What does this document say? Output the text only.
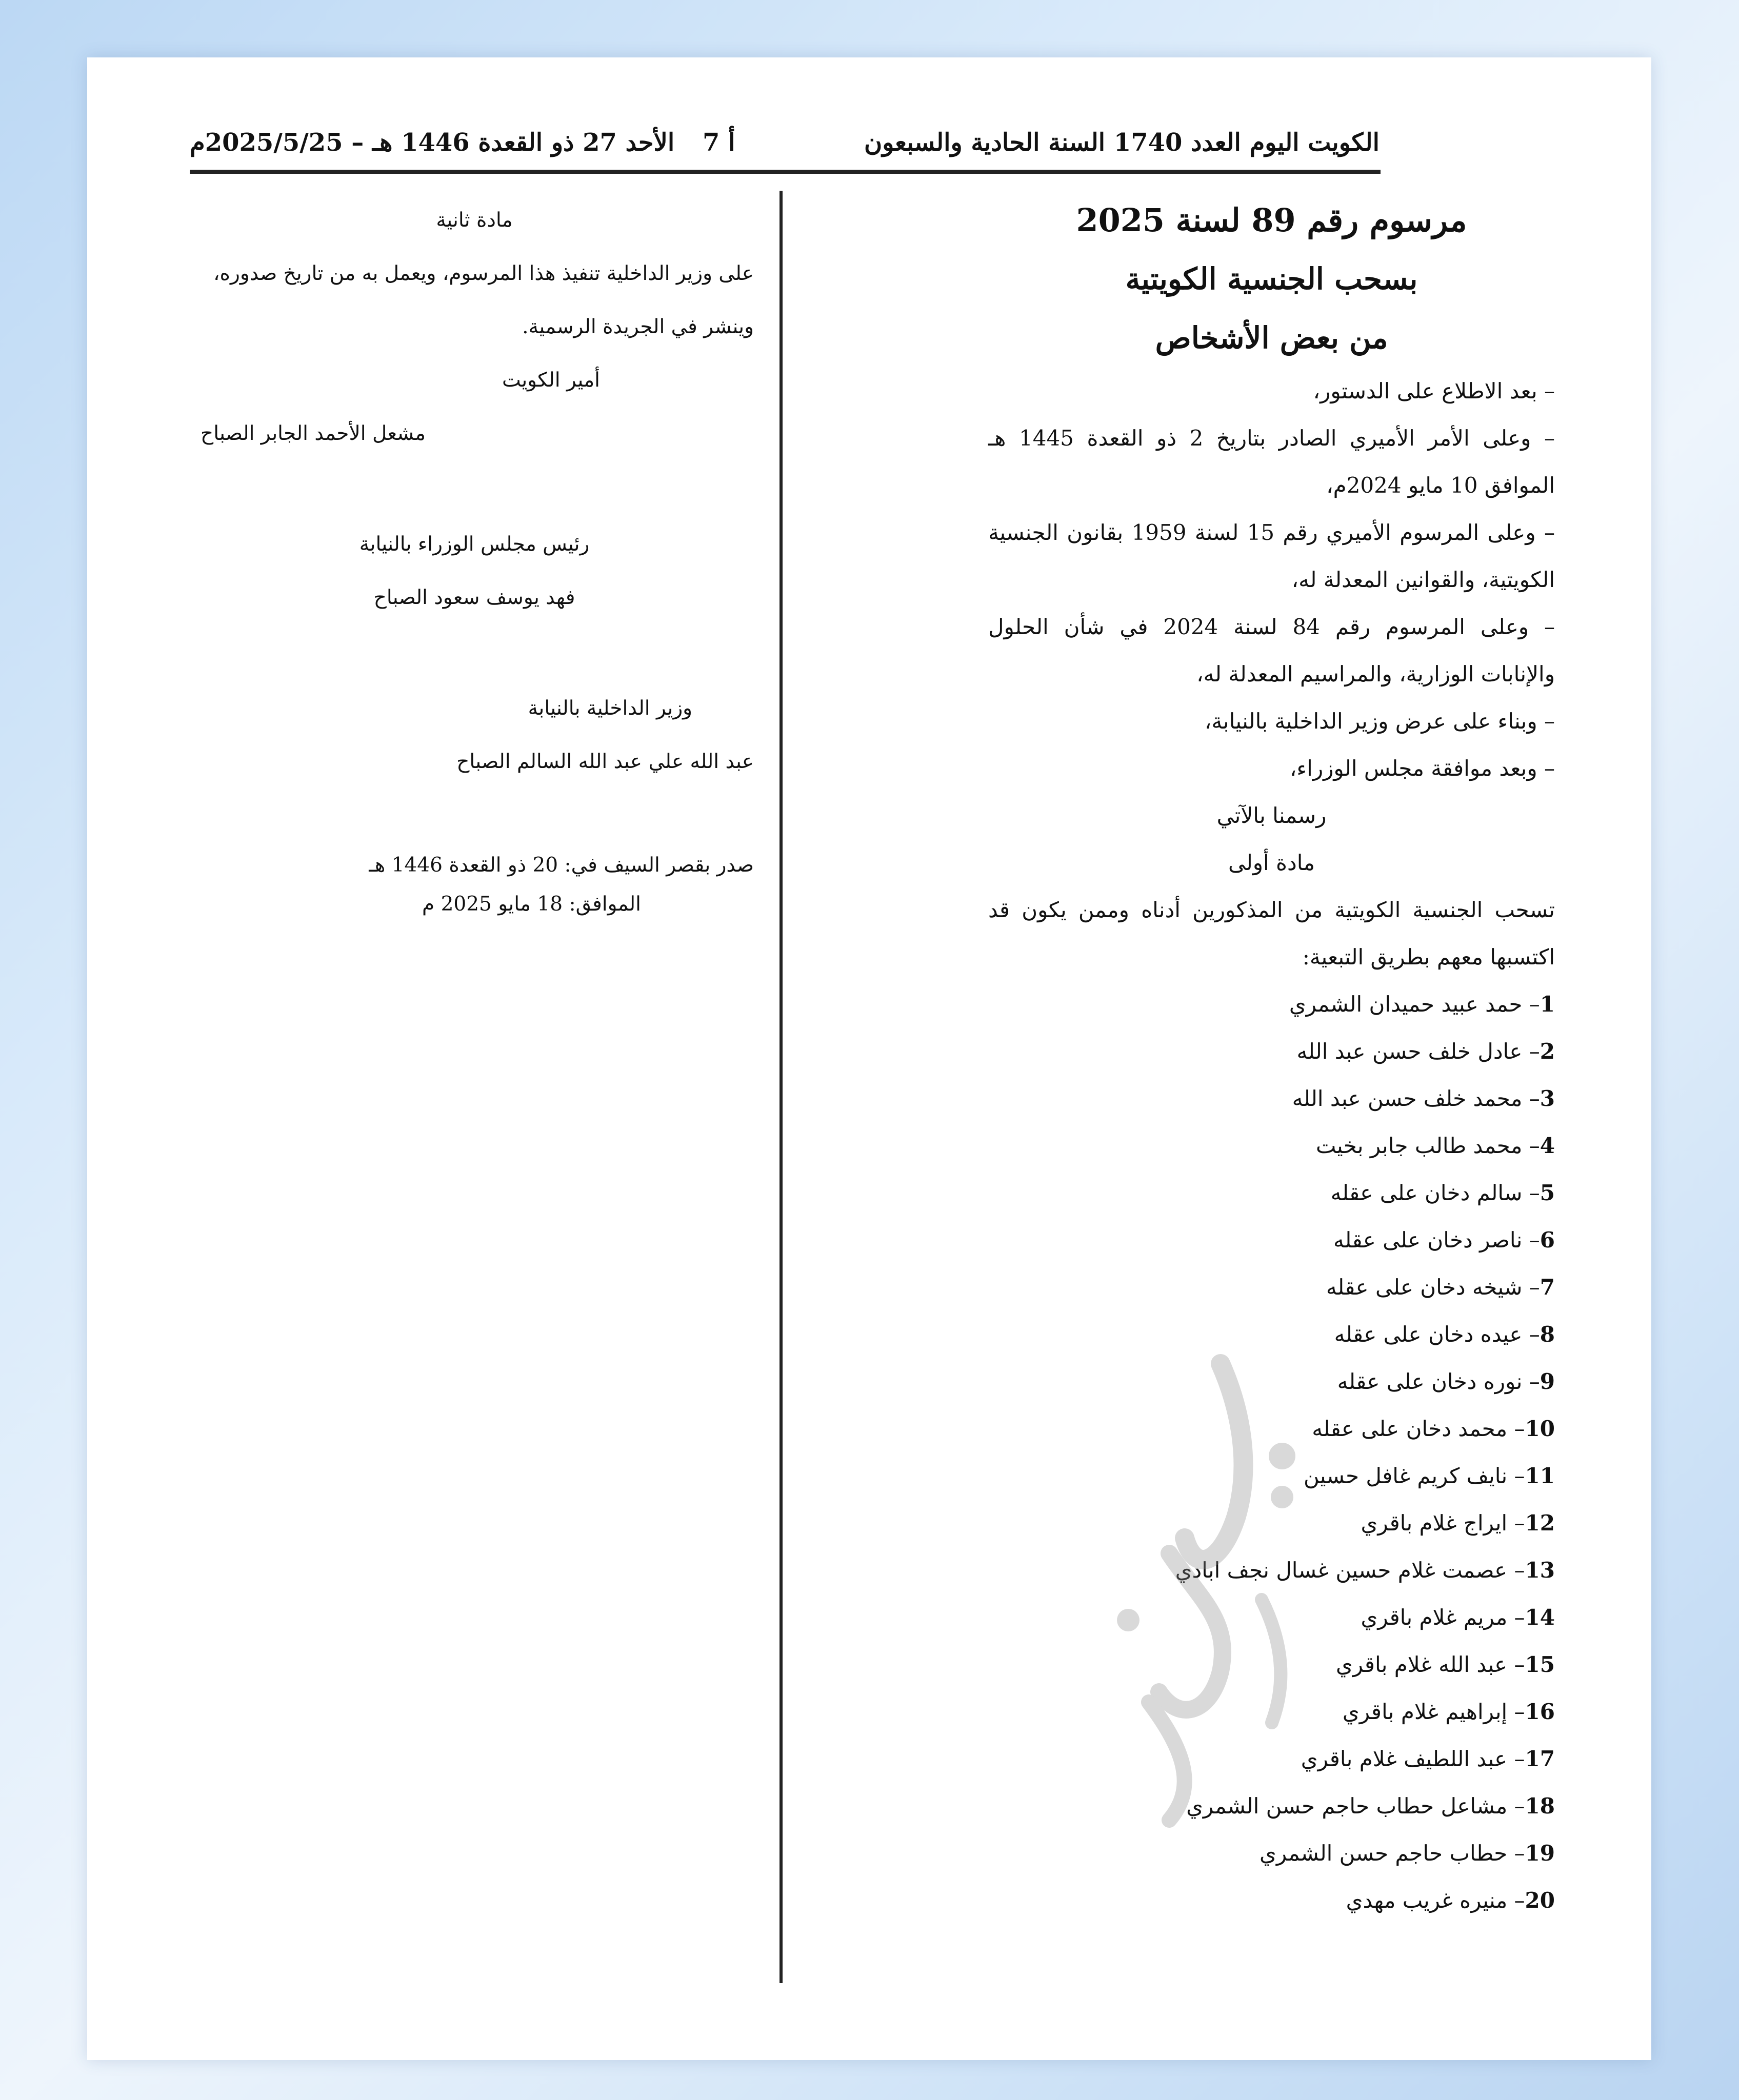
الكويت اليوم العدد 1740 السنة الحادية والسبعون
أ 7
الأحد 27 ذو القعدة 1446 هـ – 2025/5/25م
مرسوم رقم 89 لسنة 2025
بسحب الجنسية الكويتية
من بعض الأشخاص

– بعد الاطلاع على الدستور،

– وعلى الأمر الأميري الصادر بتاريخ 2 ذو القعدة 1445 هـ الموافق 10 مايو 2024م،

– وعلى المرسوم الأميري رقم 15 لسنة 1959 بقانون الجنسية الكويتية، والقوانين المعدلة له،

– وعلى المرسوم رقم 84 لسنة 2024 في شأن الحلول والإنابات الوزارية، والمراسيم المعدلة له،

– وبناء على عرض وزير الداخلية بالنيابة،

– وبعد موافقة مجلس الوزراء،

رسمنا بالآتي

مادة أولى

تسحب الجنسية الكويتية من المذكورين أدناه وممن يكون قد اكتسبها معهم بطريق التبعية:

1– حمد عبيد حميدان الشمري

2– عادل خلف حسن عبد الله

3– محمد خلف حسن عبد الله

4– محمد طالب جابر بخيت

5– سالم دخان على عقله

6– ناصر دخان على عقله

7– شيخه دخان على عقله

8– عيده دخان على عقله

9– نوره دخان على عقله

10– محمد دخان على عقله

11– نايف كريم غافل حسين

12– ايراج غلام باقري

13– عصمت غلام حسين غسال نجف ابادي

14– مريم غلام باقري

15– عبد الله غلام باقري

16– إبراهيم غلام باقري

17– عبد اللطيف غلام باقري

18– مشاعل حطاب حاجم حسن الشمري

19– حطاب حاجم حسن الشمري

20– منيره غريب مهدي

مادة ثانية

على وزير الداخلية تنفيذ هذا المرسوم، ويعمل به من تاريخ صدوره،

وينشر في الجريدة الرسمية.

أمير الكويت

مشعل الأحمد الجابر الصباح

رئيس مجلس الوزراء بالنيابة

فهد يوسف سعود الصباح

وزير الداخلية بالنيابة

عبد الله علي عبد الله السالم الصباح

صدر بقصر السيف في: 20 ذو القعدة 1446 هـ

الموافق: 18 مايو 2025 م
